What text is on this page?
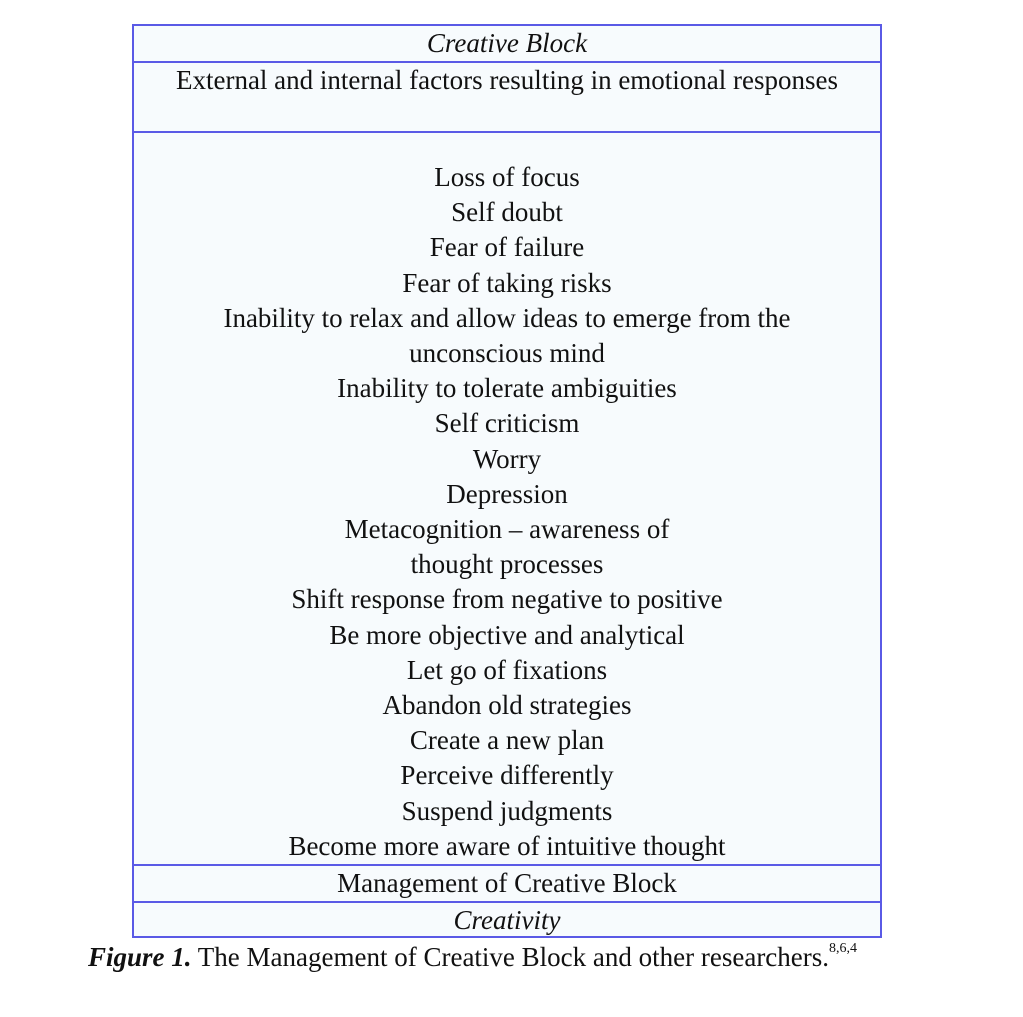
Creative Block
External and internal factors resulting in emotional responses
Loss of focus
Self doubt
Fear of failure
Fear of taking risks
Inability to relax and allow ideas to emerge from the
unconscious mind
Inability to tolerate ambiguities
Self criticism
Worry
Depression
Metacognition – awareness of
thought processes
Shift response from negative to positive
Be more objective and analytical
Let go of fixations
Abandon old strategies
Create a new plan
Perceive differently
Suspend judgments
Become more aware of intuitive thought
Management of Creative Block
Creativity
Figure 1. The Management of Creative Block and other researchers.$^{8,6,4}$
